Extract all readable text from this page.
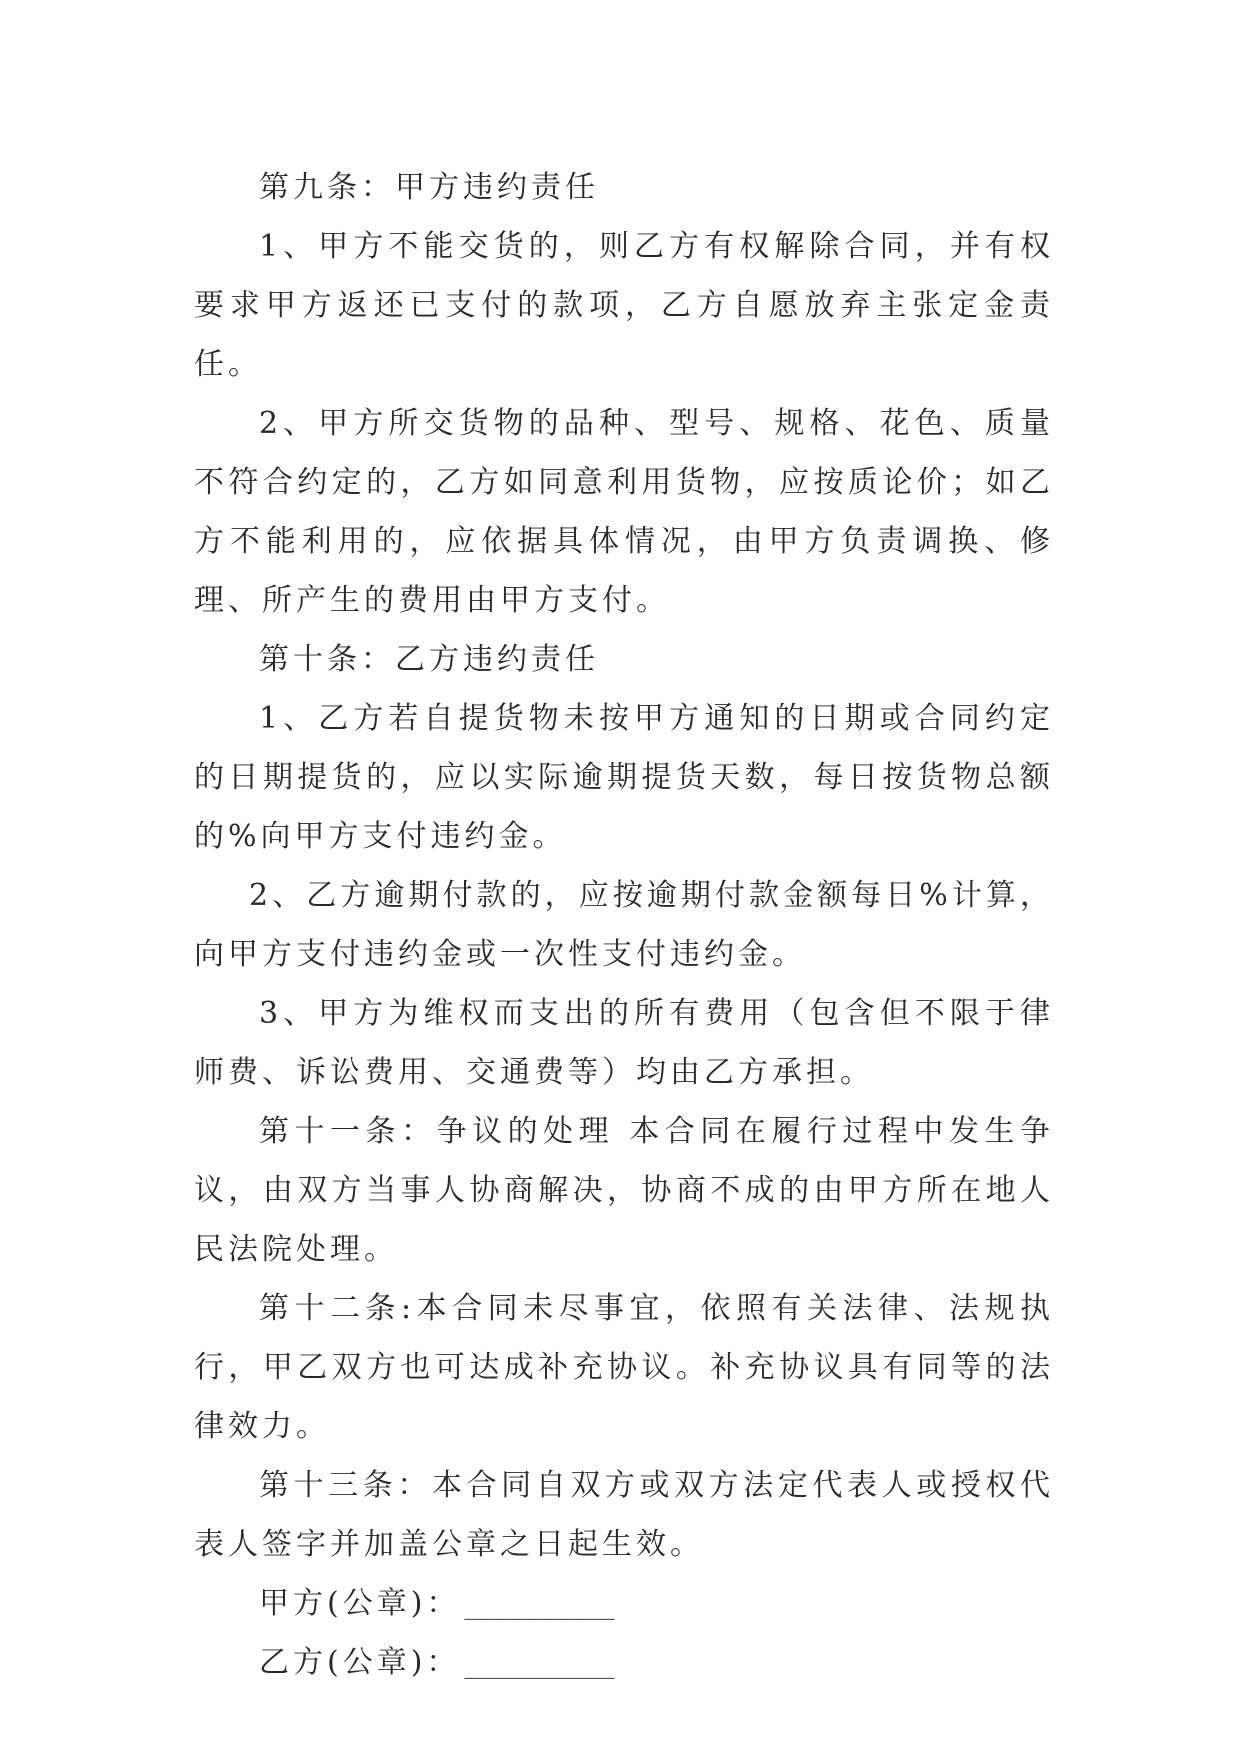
第九条：甲方违约责任

1、甲方不能交货的，则乙方有权解除合同，并有权要求甲方返还已支付的款项，乙方自愿放弃主张定金责任。

2、甲方所交货物的品种、型号、规格、花色、质量不符合约定的，乙方如同意利用货物，应按质论价；如乙方不能利用的，应依据具体情况，由甲方负责调换、修理、所产生的费用由甲方支付。

第十条：乙方违约责任

1、乙方若自提货物未按甲方通知的日期或合同约定的日期提货的，应以实际逾期提货天数，每日按货物总额的%向甲方支付违约金。

2、乙方逾期付款的，应按逾期付款金额每日%计算，向甲方支付违约金或一次性支付违约金。

3、甲方为维权而支出的所有费用（包含但不限于律师费、诉讼费用、交通费等）均由乙方承担。

第十一条：争议的处理 本合同在履行过程中发生争议，由双方当事人协商解决，协商不成的由甲方所在地人民法院处理。

第十二条:本合同未尽事宜，依照有关法律、法规执行，甲乙双方也可达成补充协议。补充协议具有同等的法律效力。

第十三条：本合同自双方或双方法定代表人或授权代表人签字并加盖公章之日起生效。

甲方(公章)： __________

乙方(公章)： __________
